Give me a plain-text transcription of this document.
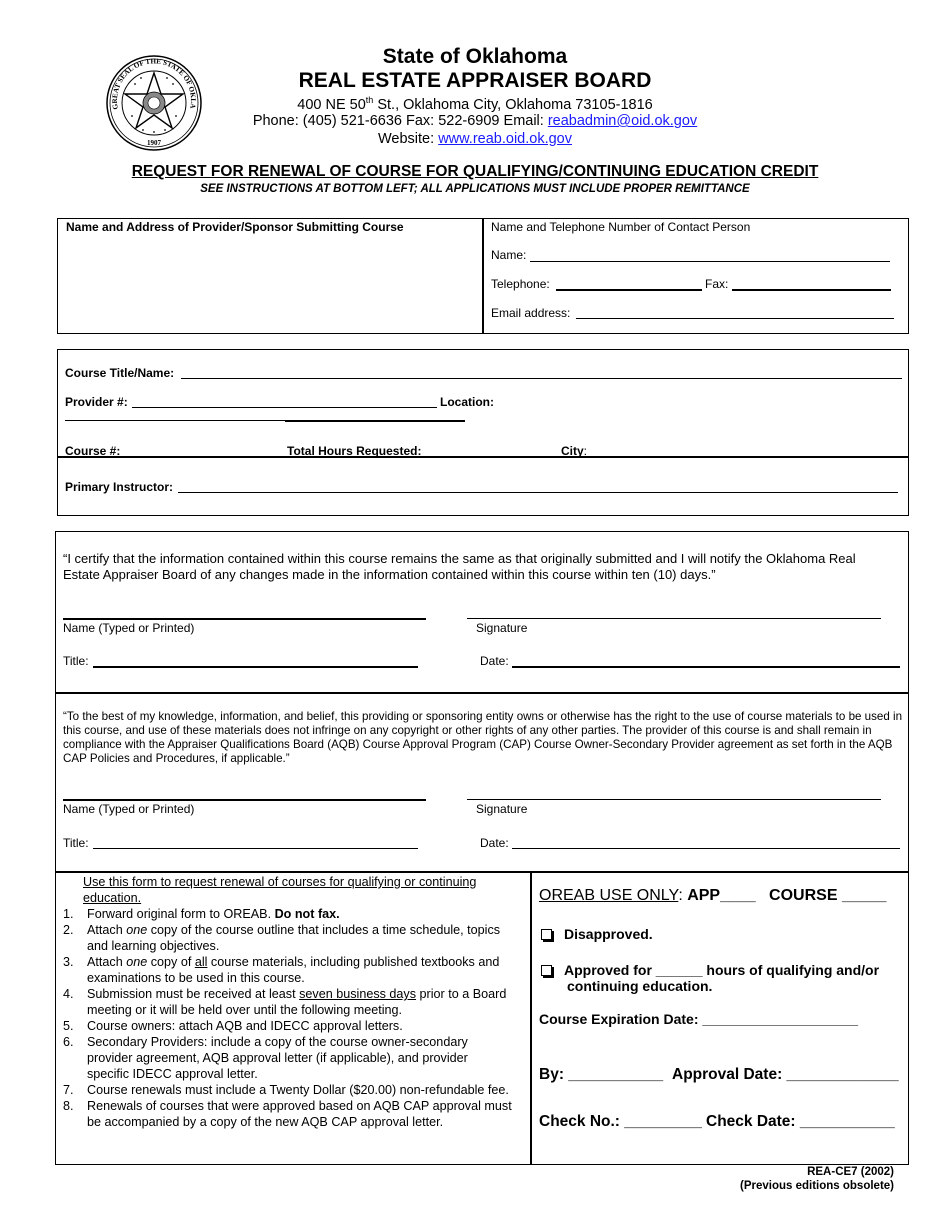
GREAT SEAL OF THE STATE OF OKLA
1907
State of Oklahoma
REAL ESTATE APPRAISER BOARD
400 NE 50th St., Oklahoma City, Oklahoma 73105-1816
Phone: (405) 521-6636 Fax: 522-6909 Email: reabadmin@oid.ok.gov
Website: www.reab.oid.ok.gov
REQUEST FOR RENEWAL OF COURSE FOR QUALIFYING/CONTINUING EDUCATION CREDIT
SEE INSTRUCTIONS AT BOTTOM LEFT; ALL APPLICATIONS MUST INCLUDE PROPER REMITTANCE
Name and Address of Provider/Sponsor Submitting Course	Name and Telephone Number of Contact Person
Name:
Telephone:	Fax:
Email address:
Course Title/Name:
Provider #:	Location:
Course #:	Total Hours Requested:	City:
Primary Instructor:
“I certify that the information contained within this course remains the same as that originally submitted and I will notify the Oklahoma Real Estate Appraiser Board of any changes made in the information contained within this course within ten (10) days.”
Name (Typed or Printed)	Signature
Title:	Date:
“To the best of my knowledge, information, and belief, this providing or sponsoring entity owns or otherwise has the right to the use of course materials to be used in this course, and use of these materials does not infringe on any copyright or other rights of any other parties. The provider of this course is and shall remain in compliance with the Appraiser Qualifications Board (AQB) Course Approval Program (CAP) Course Owner-Secondary Provider agreement as set forth in the AQB CAP Policies and Procedures, if applicable.”
Name (Typed or Printed)	Signature
Title:	Date:
Use this form to request renewal of courses for qualifying or continuing education.
1. Forward original form to OREAB. Do not fax.
2. Attach one copy of the course outline that includes a time schedule, topics and learning objectives.
3. Attach one copy of all course materials, including published textbooks and examinations to be used in this course.
4. Submission must be received at least seven business days prior to a Board meeting or it will be held over until the following meeting.
5. Course owners: attach AQB and IDECC approval letters.
6. Secondary Providers: include a copy of the course owner-secondary provider agreement, AQB approval letter (if applicable), and provider specific IDECC approval letter.
7. Course renewals must include a Twenty Dollar ($20.00) non-refundable fee.
8. Renewals of courses that were approved based on AQB CAP approval must be accompanied by a copy of the new AQB CAP approval letter.
OREAB USE ONLY: APP____ COURSE _____
Disapproved.
Approved for ______ hours of qualifying and/or
continuing education.
Course Expiration Date: ____________________
By: ___________ Approval Date: _____________
Check No.: _________ Check Date: ___________
REA-CE7 (2002)
(Previous editions obsolete)
